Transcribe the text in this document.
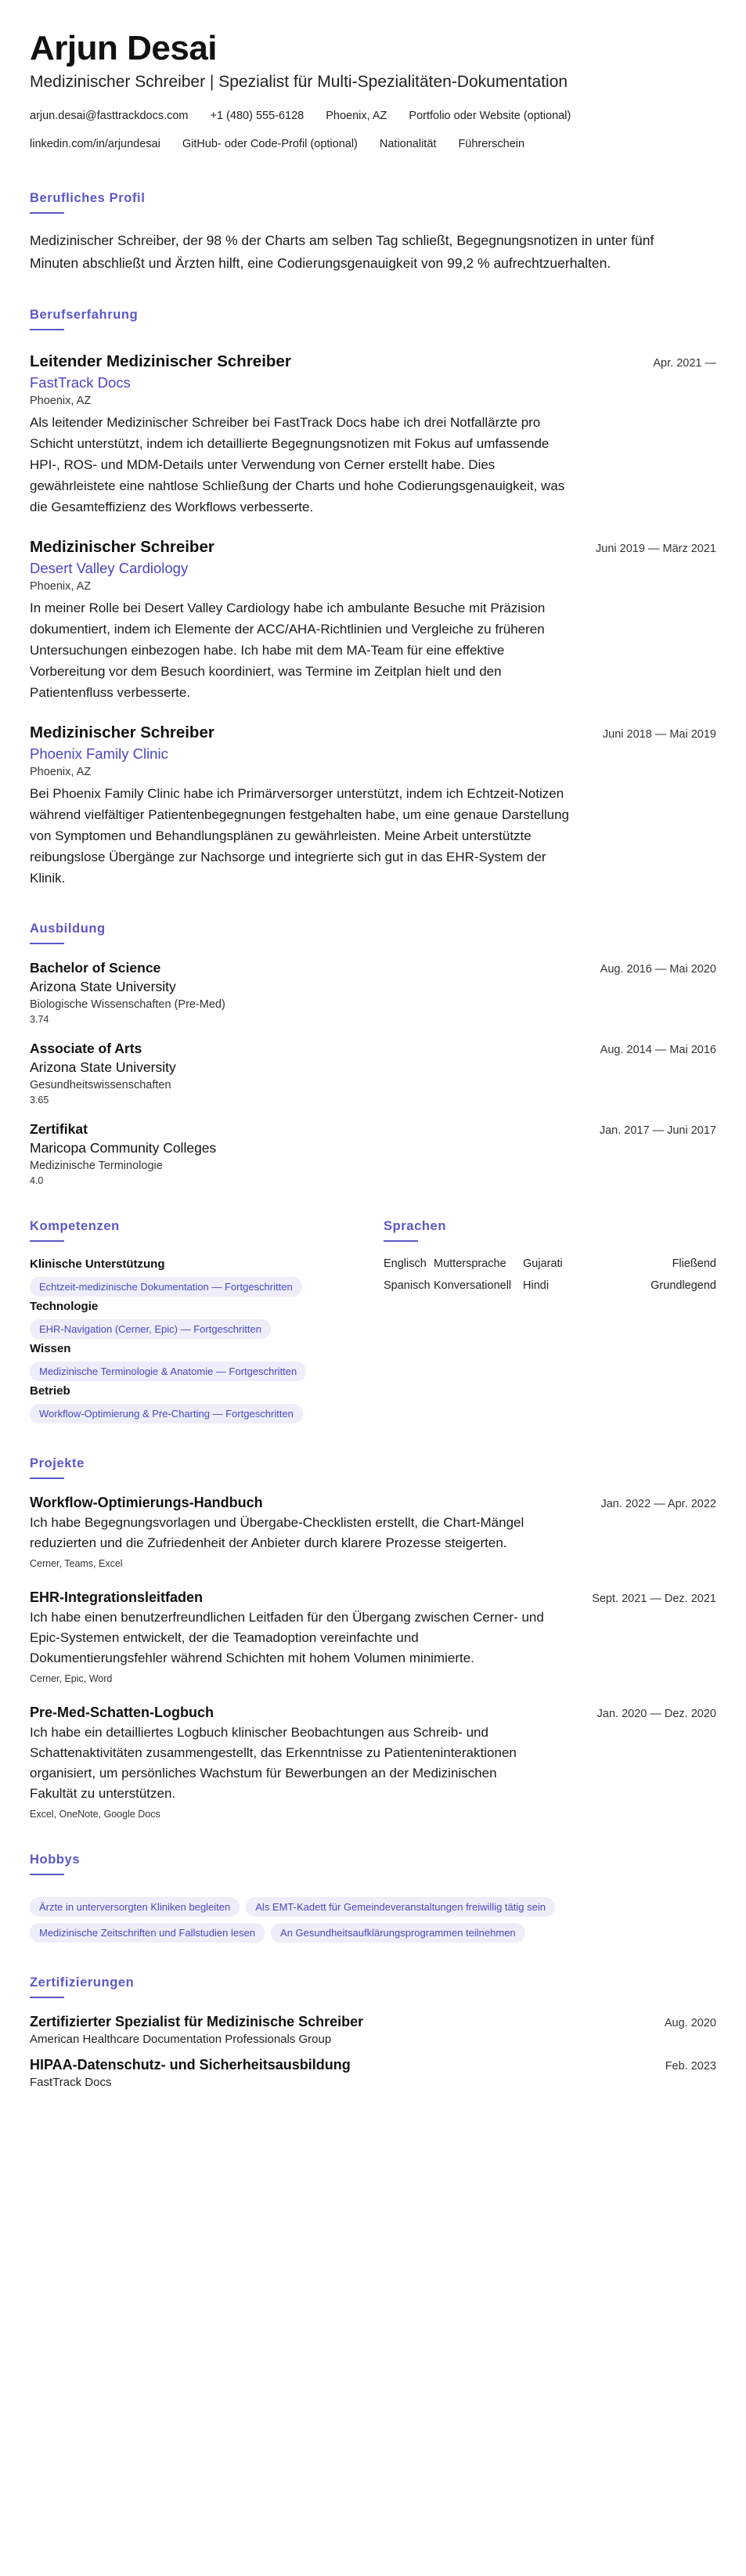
Arjun Desai
Medizinischer Schreiber | Spezialist für Multi-Spezialitäten-Dokumentation
arjun.desai@fasttrackdocs.com +1 (480) 555-6128 Phoenix, AZ Portfolio oder Website (optional)
linkedin.com/in/arjundesai GitHub- oder Code-Profil (optional) Nationalität Führerschein
Berufliches Profil

Medizinischer Schreiber, der 98 % der Charts am selben Tag schließt, Begegnungsnotizen in unter fünf Minuten abschließt und Ärzten hilft, eine Codierungsgenauigkeit von 99,2 % aufrechtzuerhalten.

Berufserfahrung
Leitender Medizinischer Schreiber	Apr. 2021 —
FastTrack Docs
Phoenix, AZ

Als leitender Medizinischer Schreiber bei FastTrack Docs habe ich drei Notfallärzte pro Schicht unterstützt, indem ich detaillierte Begegnungsnotizen mit Fokus auf umfassende HPI-, ROS- und MDM-Details unter Verwendung von Cerner erstellt habe. Dies gewährleistete eine nahtlose Schließung der Charts und hohe Codierungsgenauigkeit, was die Gesamteffizienz des Workflows verbesserte.

Medizinischer Schreiber	Juni 2019 — März 2021
Desert Valley Cardiology
Phoenix, AZ

In meiner Rolle bei Desert Valley Cardiology habe ich ambulante Besuche mit Präzision dokumentiert, indem ich Elemente der ACC/AHA-Richtlinien und Vergleiche zu früheren Untersuchungen einbezogen habe. Ich habe mit dem MA-Team für eine effektive Vorbereitung vor dem Besuch koordiniert, was Termine im Zeitplan hielt und den Patientenfluss verbesserte.

Medizinischer Schreiber	Juni 2018 — Mai 2019
Phoenix Family Clinic
Phoenix, AZ

Bei Phoenix Family Clinic habe ich Primärversorger unterstützt, indem ich Echtzeit-Notizen während vielfältiger Patientenbegegnungen festgehalten habe, um eine genaue Darstellung von Symptomen und Behandlungsplänen zu gewährleisten. Meine Arbeit unterstützte reibungslose Übergänge zur Nachsorge und integrierte sich gut in das EHR-System der Klinik.

Ausbildung
Bachelor of Science	Aug. 2016 — Mai 2020
Arizona State University
Biologische Wissenschaften (Pre-Med)
3.74
Associate of Arts	Aug. 2014 — Mai 2016
Arizona State University
Gesundheitswissenschaften
3.65
Zertifikat	Jan. 2017 — Juni 2017
Maricopa Community Colleges
Medizinische Terminologie
4.0
Kompetenzen
Klinische Unterstützung
Echtzeit-medizinische Dokumentation — Fortgeschritten
Technologie
EHR-Navigation (Cerner, Epic) — Fortgeschritten
Wissen
Medizinische Terminologie & Anatomie — Fortgeschritten
Betrieb
Workflow-Optimierung & Pre-Charting — Fortgeschritten
Sprachen
Englisch Muttersprache	Gujarati	Fließend
Spanisch Konversationell	Hindi	Grundlegend
Projekte
Workflow-Optimierungs-Handbuch	Jan. 2022 — Apr. 2022

Ich habe Begegnungsvorlagen und Übergabe-Checklisten erstellt, die Chart-Mängel reduzierten und die Zufriedenheit der Anbieter durch klarere Prozesse steigerten.

Cerner, Teams, Excel
EHR-Integrationsleitfaden	Sept. 2021 — Dez. 2021

Ich habe einen benutzerfreundlichen Leitfaden für den Übergang zwischen Cerner- und Epic-Systemen entwickelt, der die Teamadoption vereinfachte und Dokumentierungsfehler während Schichten mit hohem Volumen minimierte.

Cerner, Epic, Word
Pre-Med-Schatten-Logbuch	Jan. 2020 — Dez. 2020

Ich habe ein detailliertes Logbuch klinischer Beobachtungen aus Schreib- und Schattenaktivitäten zusammengestellt, das Erkenntnisse zu Patienteninteraktionen organisiert, um persönliches Wachstum für Bewerbungen an der Medizinischen Fakultät zu unterstützen.

Excel, OneNote, Google Docs
Hobbys
Ärzte in unterversorgten Kliniken begleiten Als EMT-Kadett für Gemeindeveranstaltungen freiwillig tätig sein
Medizinische Zeitschriften und Fallstudien lesen An Gesundheitsaufklärungsprogrammen teilnehmen
Zertifizierungen
Zertifizierter Spezialist für Medizinische Schreiber	Aug. 2020
American Healthcare Documentation Professionals Group
HIPAA-Datenschutz- und Sicherheitsausbildung	Feb. 2023
FastTrack Docs
